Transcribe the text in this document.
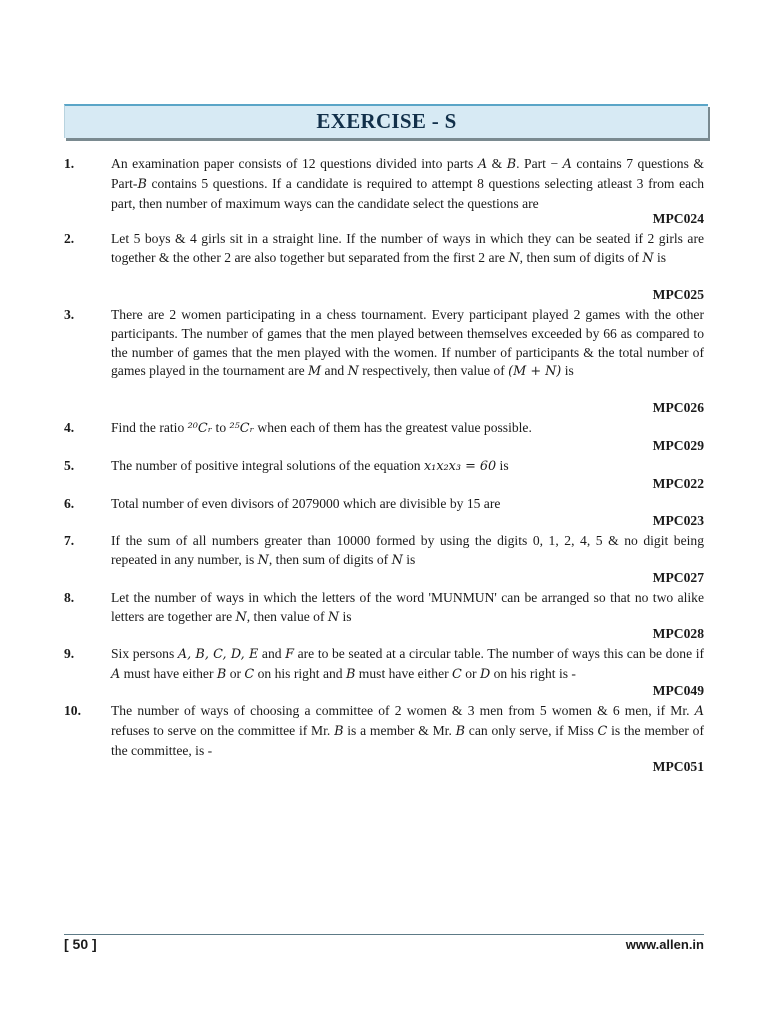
EXERCISE - S
1.	An examination paper consists of 12 questions divided into parts A & B. Part − A contains 7 questions & Part-B contains 5 questions. If a candidate is required to attempt 8 questions selecting atleast 3 from each part, then number of maximum ways can the candidate select the questions are
MPC024
2.	Let 5 boys & 4 girls sit in a straight line. If the number of ways in which they can be seated if 2 girls are together & the other 2 are also together but separated from the first 2 are N, then sum of digits of N is
MPC025
3.	There are 2 women participating in a chess tournament. Every participant played 2 games with the other participants. The number of games that the men played between themselves exceeded by 66 as compared to the number of games that the men played with the women. If number of participants & the total number of games played in the tournament are M and N respectively, then value of (M + N) is
MPC026
4.	Find the ratio ²⁰Cᵣ to ²⁵Cᵣ when each of them has the greatest value possible.
MPC029
5.	The number of positive integral solutions of the equation x₁x₂x₃ = 60 is
MPC022
6.	Total number of even divisors of 2079000 which are divisible by 15 are
MPC023
7.	If the sum of all numbers greater than 10000 formed by using the digits 0, 1, 2, 4, 5 & no digit being repeated in any number, is N, then sum of digits of N is
MPC027
8.	Let the number of ways in which the letters of the word 'MUNMUN' can be arranged so that no two alike letters are together are N, then value of N is
MPC028
9.	Six persons A, B, C, D, E and F are to be seated at a circular table. The number of ways this can be done if A must have either B or C on his right and B must have either C or D on his right is -
MPC049
10. The number of ways of choosing a committee of 2 women & 3 men from 5 women & 6 men, if Mr. A refuses to serve on the committee if Mr. B is a member & Mr. B can only serve, if Miss C is the member of the committee, is -
MPC051
[ 50 ]	www.allen.in
